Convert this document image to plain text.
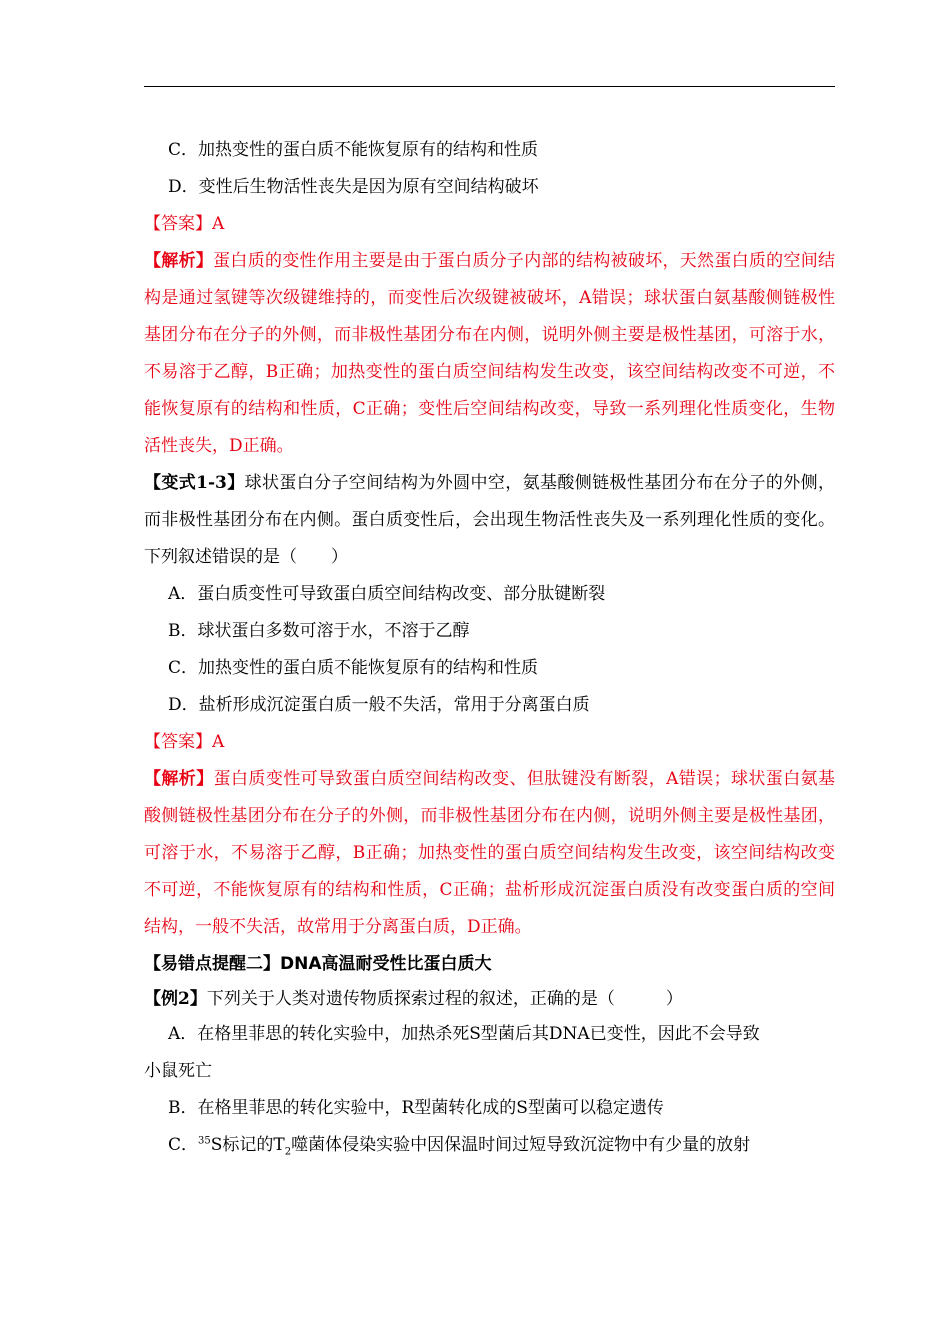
C．加热变性的蛋白质不能恢复原有的结构和性质
D．变性后生物活性丧失是因为原有空间结构破坏
【答案】A
【解析】蛋白质的变性作用主要是由于蛋白质分子内部的结构被破坏，天然蛋白质的空间结构是通过氢键等次级键维持的，而变性后次级键被破坏，A错误；球状蛋白氨基酸侧链极性基团分布在分子的外侧，而非极性基团分布在内侧，说明外侧主要是极性基团，可溶于水，不易溶于乙醇，B正确；加热变性的蛋白质空间结构发生改变，该空间结构改变不可逆，不能恢复原有的结构和性质，C正确；变性后空间结构改变，导致一系列理化性质变化，生物活性丧失，D正确。
【变式1-3】球状蛋白分子空间结构为外圆中空，氨基酸侧链极性基团分布在分子的外侧，而非极性基团分布在内侧。蛋白质变性后，会出现生物活性丧失及一系列理化性质的变化。下列叙述错误的是（　　）
A．蛋白质变性可导致蛋白质空间结构改变、部分肽键断裂
B．球状蛋白多数可溶于水，不溶于乙醇
C．加热变性的蛋白质不能恢复原有的结构和性质
D．盐析形成沉淀蛋白质一般不失活，常用于分离蛋白质
【答案】A
【解析】蛋白质变性可导致蛋白质空间结构改变、但肽键没有断裂，A错误；球状蛋白氨基酸侧链极性基团分布在分子的外侧，而非极性基团分布在内侧，说明外侧主要是极性基团，可溶于水，不易溶于乙醇，B正确；加热变性的蛋白质空间结构发生改变，该空间结构改变不可逆，不能恢复原有的结构和性质，C正确；盐析形成沉淀蛋白质没有改变蛋白质的空间结构，一般不失活，故常用于分离蛋白质，D正确。
【易错点提醒二】DNA高温耐受性比蛋白质大
【例2】下列关于人类对遗传物质探索过程的叙述，正确的是（　　　）
A．在格里菲思的转化实验中，加热杀死S型菌后其DNA已变性，因此不会导致
小鼠死亡
B．在格里菲思的转化实验中，R型菌转化成的S型菌可以稳定遗传
C．$^{35}$S标记的$T_2$噬菌体侵染实验中因保温时间过短导致沉淀物中有少量的放射
